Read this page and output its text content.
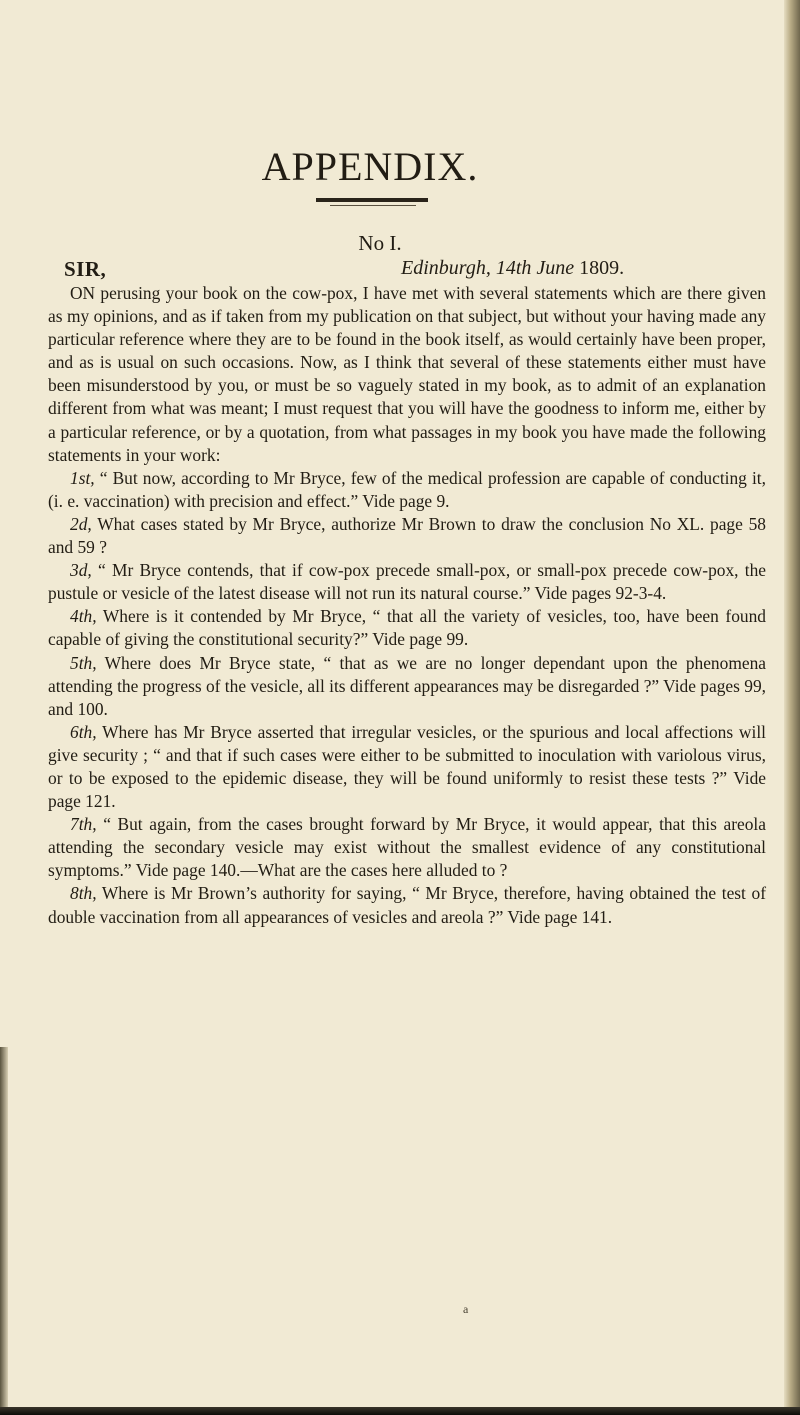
APPENDIX.
No I.
SIR,	Edinburgh, 14th June 1809.

ON perusing your book on the cow-pox, I have met with several statements which are there given as my opinions, and as if taken from my publication on that subject, but without your having made any particular reference where they are to be found in the book itself, as would certainly have been proper, and as is usual on such occasions. Now, as I think that several of these statements either must have been misunderstood by you, or must be so vaguely stated in my book, as to admit of an explanation different from what was meant; I must request that you will have the goodness to inform me, either by a particular reference, or by a quotation, from what passages in my book you have made the following statements in your work:

1st, “ But now, according to Mr Bryce, few of the medical profession are capable of conducting it, (i. e. vaccination) with precision and effect.” Vide page 9.

2d, What cases stated by Mr Bryce, authorize Mr Brown to draw the conclusion No XL. page 58 and 59 ?

3d, “ Mr Bryce contends, that if cow-pox precede small-pox, or small-pox precede cow-pox, the pustule or vesicle of the latest disease will not run its natural course.” Vide pages 92-3-4.

4th, Where is it contended by Mr Bryce, “ that all the variety of vesicles, too, have been found capable of giving the constitutional security?” Vide page 99.

5th, Where does Mr Bryce state, “ that as we are no longer dependant upon the phenomena attending the progress of the vesicle, all its different appearances may be disregarded ?” Vide pages 99, and 100.

6th, Where has Mr Bryce asserted that irregular vesicles, or the spurious and local affections will give security ; “ and that if such cases were either to be submitted to inoculation with variolous virus, or to be exposed to the epidemic disease, they will be found uniformly to resist these tests ?” Vide page 121.

7th, “ But again, from the cases brought forward by Mr Bryce, it would appear, that this areola attending the secondary vesicle may exist without the smallest evidence of any constitutional symptoms.” Vide page 140.—What are the cases here alluded to ?

8th, Where is Mr Brown’s authority for saying, “ Mr Bryce, therefore, having obtained the test of double vaccination from all appearances of vesicles and areola ?” Vide page 141.

a
